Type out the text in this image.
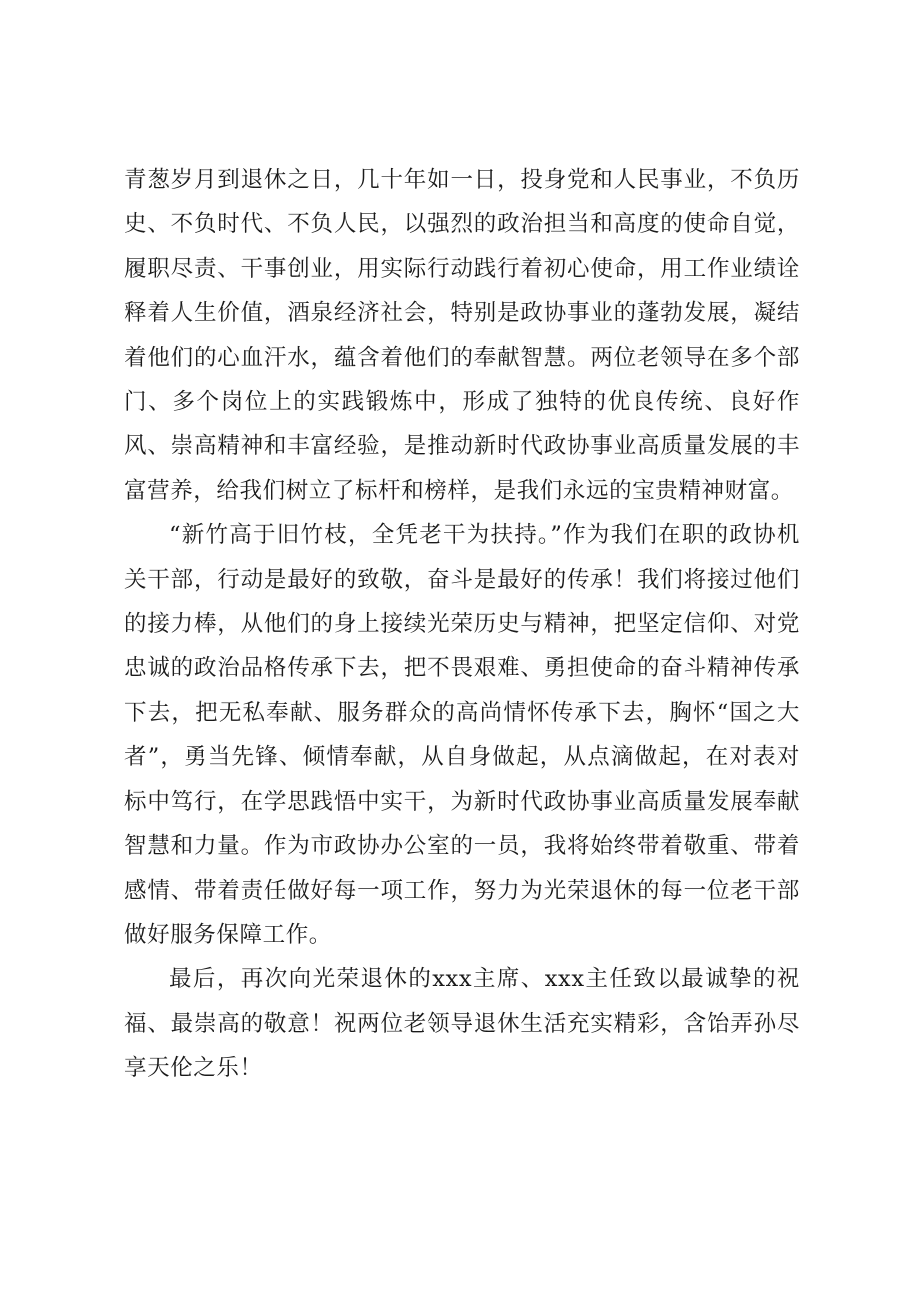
青葱岁月到退休之日，几十年如一日，投身党和人民事业，不负历史、不负时代、不负人民，以强烈的政治担当和高度的使命自觉，履职尽责、干事创业，用实际行动践行着初心使命，用工作业绩诠释着人生价值，酒泉经济社会，特别是政协事业的蓬勃发展，凝结着他们的心血汗水，蕴含着他们的奉献智慧。两位老领导在多个部门、多个岗位上的实践锻炼中，形成了独特的优良传统、良好作风、崇高精神和丰富经验，是推动新时代政协事业高质量发展的丰富营养，给我们树立了标杆和榜样，是我们永远的宝贵精神财富。

“新竹高于旧竹枝，全凭老干为扶持。”作为我们在职的政协机关干部，行动是最好的致敬，奋斗是最好的传承！我们将接过他们的接力棒，从他们的身上接续光荣历史与精神，把坚定信仰、对党忠诚的政治品格传承下去，把不畏艰难、勇担使命的奋斗精神传承下去，把无私奉献、服务群众的高尚情怀传承下去，胸怀“国之大者”，勇当先锋、倾情奉献，从自身做起，从点滴做起，在对表对标中笃行，在学思践悟中实干，为新时代政协事业高质量发展奉献智慧和力量。作为市政协办公室的一员，我将始终带着敬重、带着感情、带着责任做好每一项工作，努力为光荣退休的每一位老干部做好服务保障工作。

最后，再次向光荣退休的xxx主席、xxx主任致以最诚挚的祝福、最崇高的敬意！祝两位老领导退休生活充实精彩，含饴弄孙尽享天伦之乐！
